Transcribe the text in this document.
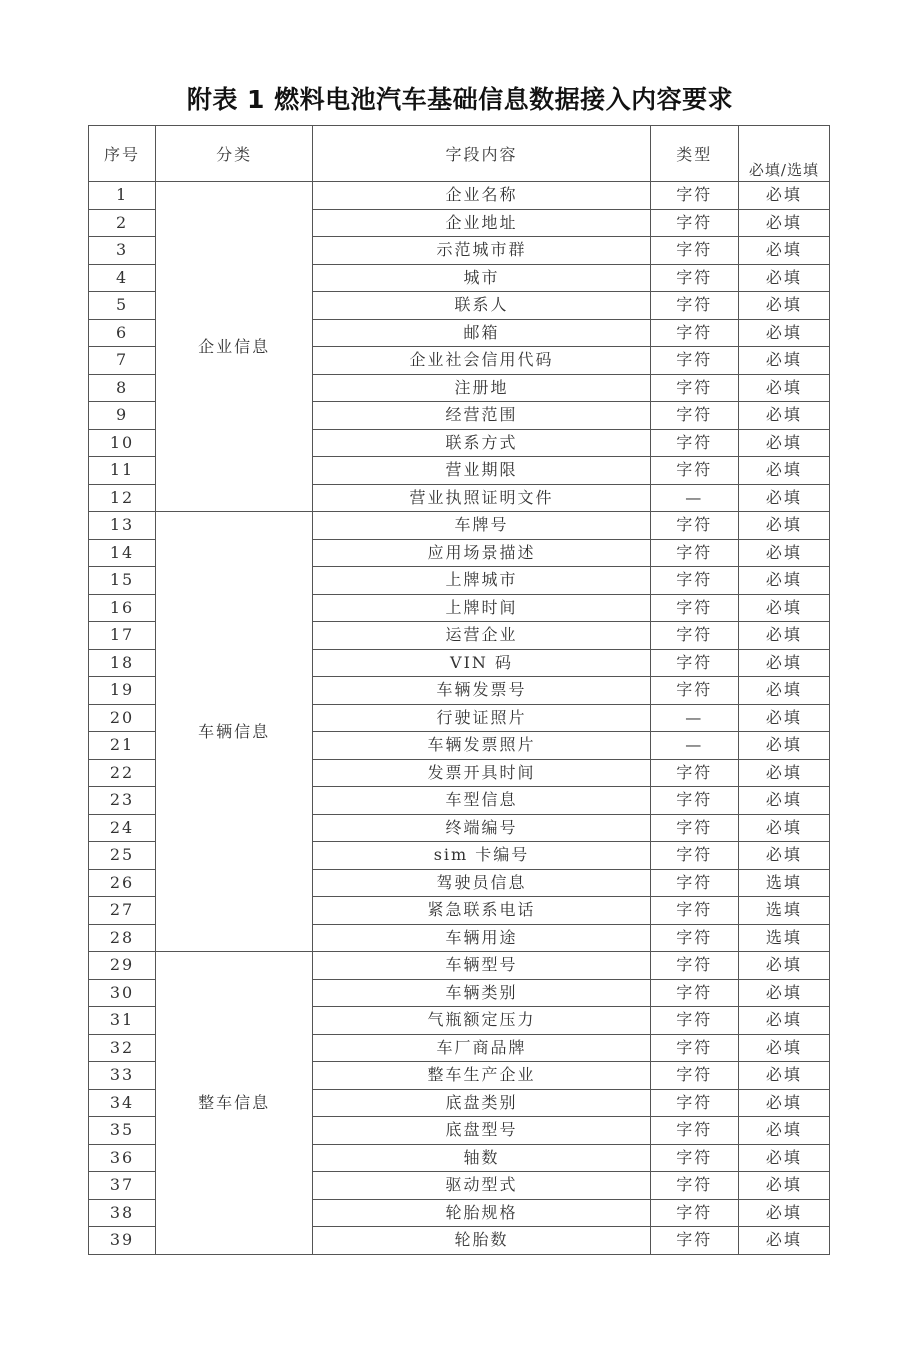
附表 1 燃料电池汽车基础信息数据接入内容要求
序号	分类	字段内容	类型	必填/选填
1	企业信息	企业名称	字符	必填
2		企业地址	字符	必填
3		示范城市群	字符	必填
4		城市	字符	必填
5		联系人	字符	必填
6		邮箱	字符	必填
7		企业社会信用代码	字符	必填
8		注册地	字符	必填
9		经营范围	字符	必填
10		联系方式	字符	必填
11		营业期限	字符	必填
12		营业执照证明文件	—	必填
13	车辆信息	车牌号	字符	必填
14		应用场景描述	字符	必填
15		上牌城市	字符	必填
16		上牌时间	字符	必填
17		运营企业	字符	必填
18		VIN 码	字符	必填
19		车辆发票号	字符	必填
20		行驶证照片	—	必填
21		车辆发票照片	—	必填
22		发票开具时间	字符	必填
23		车型信息	字符	必填
24		终端编号	字符	必填
25		sim 卡编号	字符	必填
26		驾驶员信息	字符	选填
27		紧急联系电话	字符	选填
28		车辆用途	字符	选填
29	整车信息	车辆型号	字符	必填
30		车辆类别	字符	必填
31		气瓶额定压力	字符	必填
32		车厂商品牌	字符	必填
33		整车生产企业	字符	必填
34		底盘类别	字符	必填
35		底盘型号	字符	必填
36		轴数	字符	必填
37		驱动型式	字符	必填
38		轮胎规格	字符	必填
39		轮胎数	字符	必填
